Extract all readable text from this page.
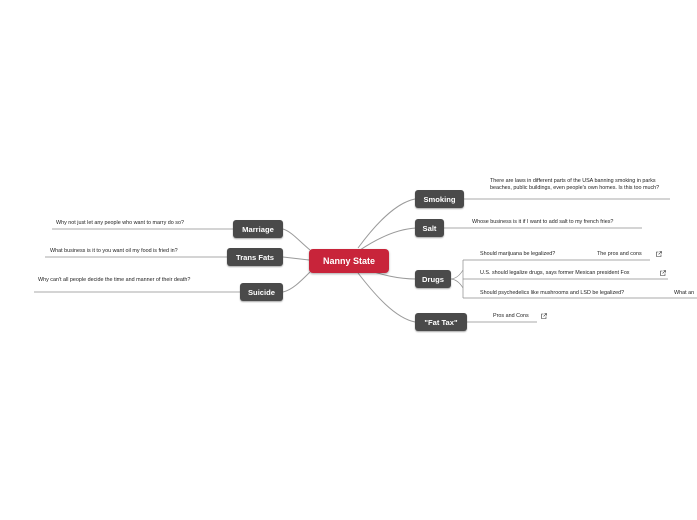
Nanny State
Smoking
Salt
Drugs
"Fat Tax"
Marriage
Trans Fats
Suicide
There are laws in different parts of the USA banning smoking in parks beaches, public buildings, even people's own homes. Is this too much?
Whose business is it if I want to add salt to my french fries?
Should marijuana be legalized?	The pros and cons
U.S. should legalize drugs, says former Mexican president Fox
Should psychedelics like mushrooms and LSD be legalized?	What an
Pros and Cons
Why not just let any people who want to marry do so?
What business is it to you want oil my food is fried in?
Why can't all people decide the time and manner of their death?
